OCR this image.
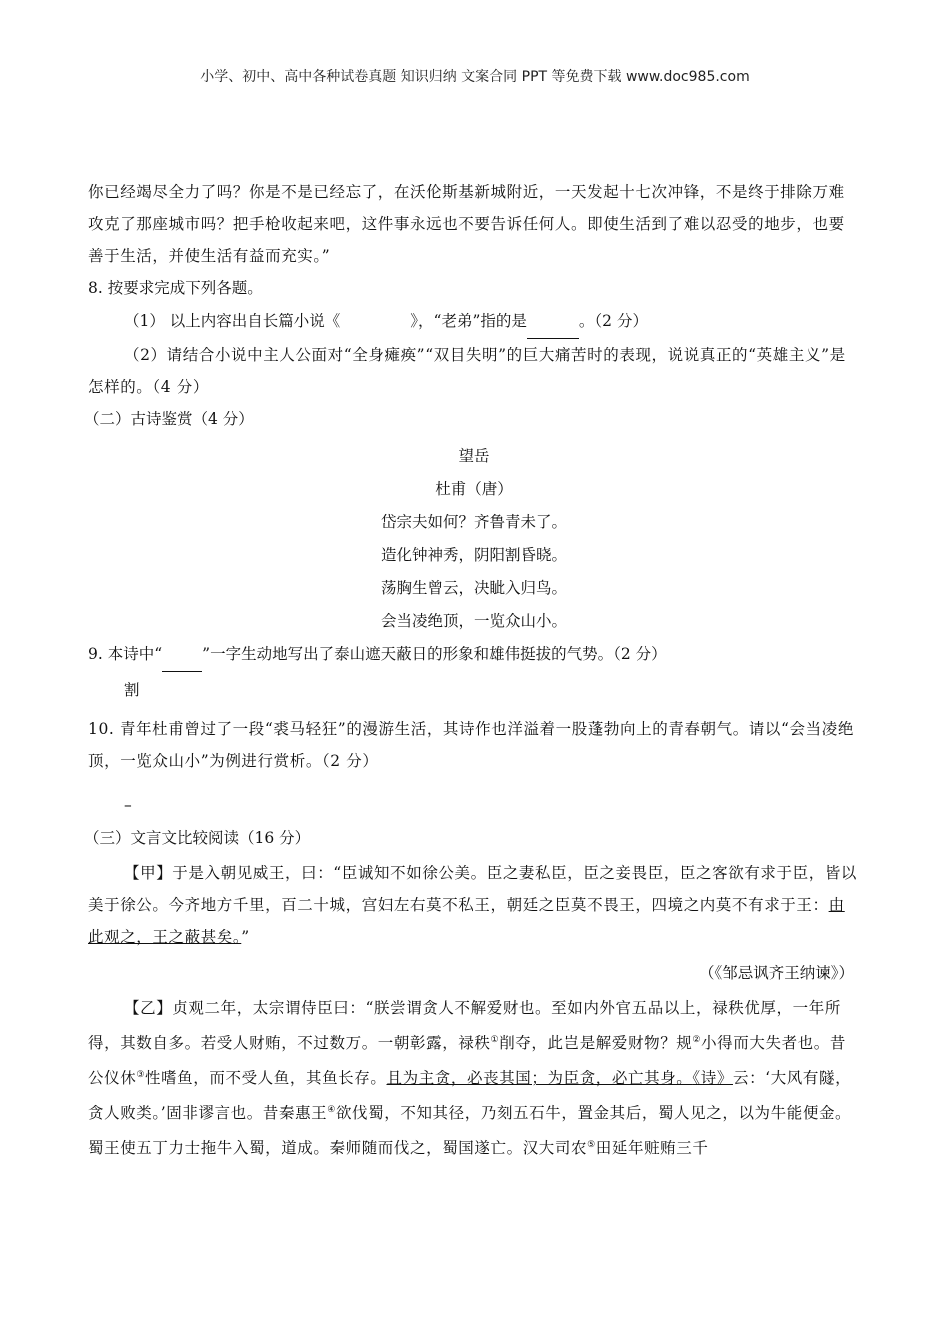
小学、初中、高中各种试卷真题 知识归纳 文案合同 PPT 等免费下载 www.doc985.com

你已经竭尽全力了吗？你是不是已经忘了，在沃伦斯基新城附近，一天发起十七次冲锋，不是终于排除万难攻克了那座城市吗？把手枪收起来吧，这件事永远也不要告诉任何人。即使生活到了难以忍受的地步，也要善于生活，并使生活有益而充实。”

8. 按要求完成下列各题。

（1） 以上内容出自长篇小说《	》，“老弟”指的是	。（2 分）

（2）请结合小说中主人公面对“全身瘫痪”“双目失明”的巨大痛苦时的表现，说说真正的“英雄主义”是怎样的。（4 分）

（二）古诗鉴赏（4 分）

望岳

杜甫（唐）

岱宗夫如何？齐鲁青未了。

造化钟神秀，阴阳割昏晓。

荡胸生曾云，决眦入归鸟。

会当凌绝顶，一览众山小。

9. 本诗中“	”一字生动地写出了泰山遮天蔽日的形象和雄伟挺拔的气势。（2 分）

割

10. 青年杜甫曾过了一段“裘马轻狂”的漫游生活，其诗作也洋溢着一股蓬勃向上的青春朝气。请以“会当凌绝顶，一览众山小”为例进行赏析。（2 分）

–

（三）文言文比较阅读（16 分）

【甲】于是入朝见威王，曰：“臣诚知不如徐公美。臣之妻私臣，臣之妾畏臣，臣之客欲有求于臣，皆以美于徐公。今齐地方千里，百二十城，宫妇左右莫不私王，朝廷之臣莫不畏王，四境之内莫不有求于王：由此观之，王之蔽甚矣。”

（《邹忌讽齐王纳谏》）

【乙】贞观二年，太宗谓侍臣曰：“朕尝谓贪人不解爱财也。至如内外官五品以上，禄秩优厚，一年所得，其数自多。若受人财贿，不过数万。一朝彰露，禄秩①削夺，此岂是解爱财物？规②小得而大失者也。昔公仪休③性嗜鱼，而不受人鱼，其鱼长存。且为主贪，必丧其国；为臣贪，必亡其身。《诗》云：‘大风有隧，贪人败类。’固非谬言也。昔秦惠王④欲伐蜀，不知其径，乃刻五石牛，置金其后，蜀人见之，以为牛能便金。蜀王使五丁力士拖牛入蜀，道成。秦师随而伐之，蜀国遂亡。汉大司农⑤田延年赃贿三千
